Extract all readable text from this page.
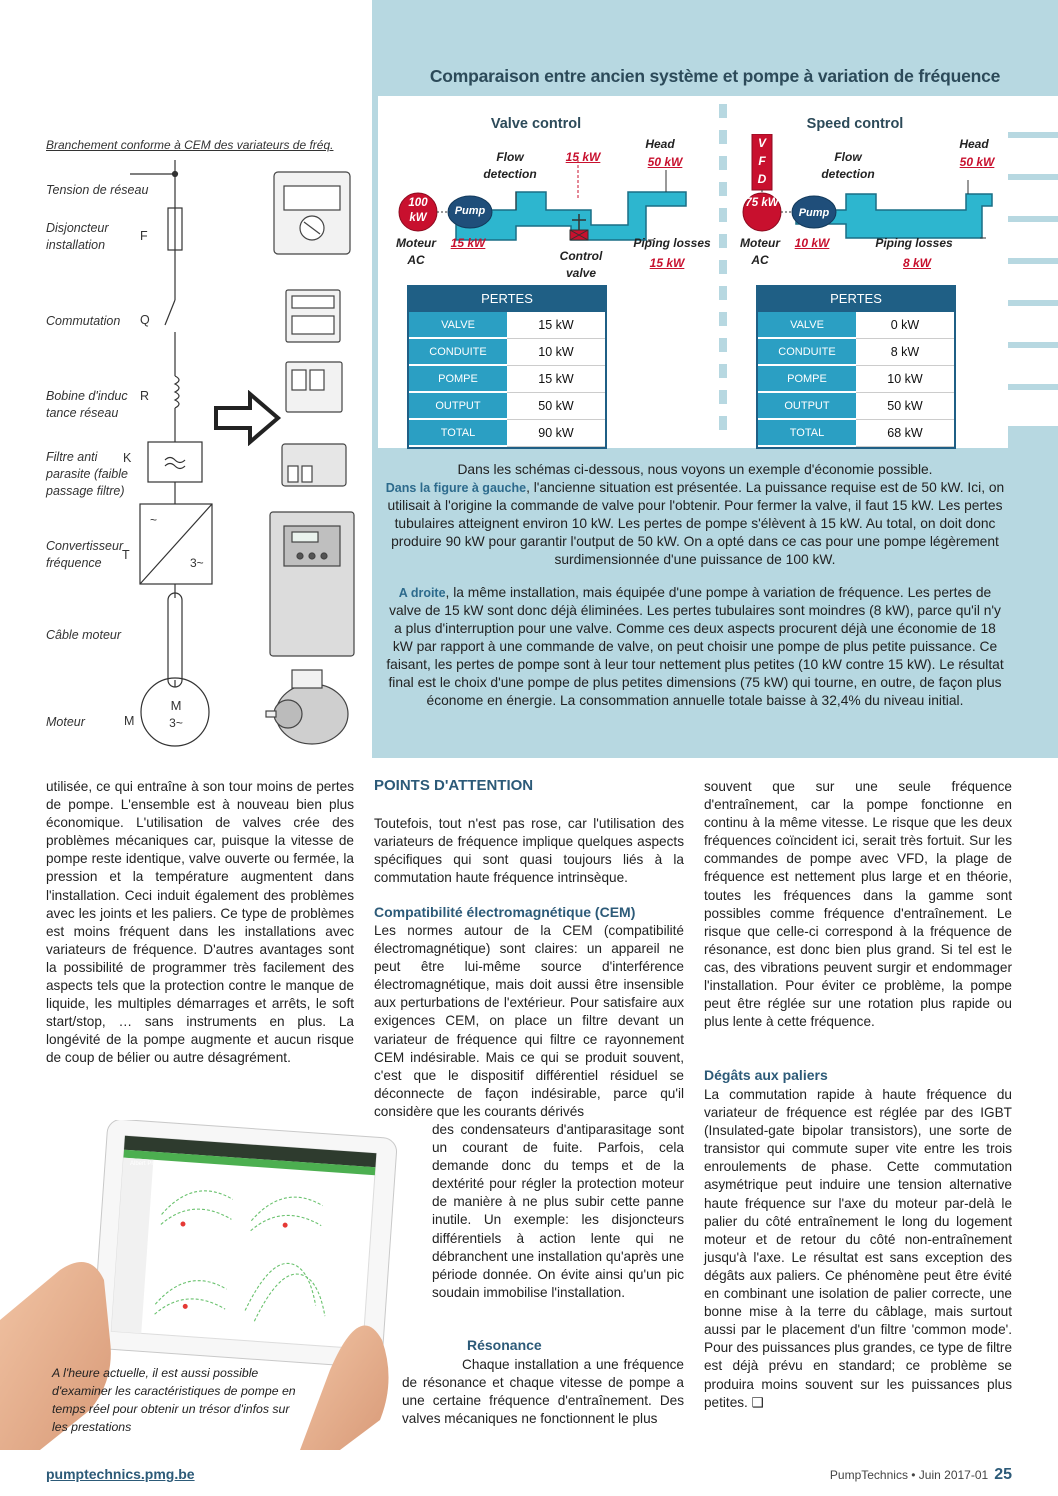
Comparaison entre ancien système et pompe à variation de fréquence
Valve control
Head
50 kW
Flow detection
15 kW
100 kW
Pump
Moteur AC
15 kW
Control valve
Piping losses
15 kW
Speed control
V
F
D
Head
50 kW
Flow detection
75 kW
Pump
Moteur AC
10 kW	Piping losses
8 kW
PERTES	
VALVE	15 kW
CONDUITE	10 kW
POMPE	15 kW
OUTPUT	50 kW
TOTAL	90 kW
PERTES	
VALVE	0 kW
CONDUITE	8 kW
POMPE	10 kW
OUTPUT	50 kW
TOTAL	68 kW

Dans les schémas ci-dessous, nous voyons un exemple d'économie possible.
Dans la figure à gauche, l'ancienne situation est présentée. La puissance requise est de 50 kW. Ici, on utilisait à l'origine la commande de valve pour l'obtenir. Pour fermer la valve, il faut 15 kW. Les pertes tubulaires atteignent environ 10 kW. Les pertes de pompe s'élèvent à 15 kW. Au total, on doit donc produire 90 kW pour garantir l'output de 50 kW. On a opté dans ce cas pour une pompe légèrement surdimensionnée d'une puissance de 100 kW.

A droite, la même installation, mais équipée d'une pompe à variation de fréquence. Les pertes de valve de 15 kW sont donc déjà éliminées. Les pertes tubulaires sont moindres (8 kW), parce qu'il n'y a plus d'interruption pour une valve. Comme ces deux aspects procurent déjà une économie de 18 kW par rapport à une commande de valve, on peut choisir une pompe de plus petite puissance. Ce faisant, les pertes de pompe sont à leur tour nettement plus petites (10 kW contre 15 kW). Le résultat final est le choix d'une pompe de plus petites dimensions (75 kW) qui tourne, en outre, de façon plus économe en énergie. La consommation annuelle totale baisse à 32,4% du niveau initial.

Branchement conforme à CEM des variateurs de fréq.
Tension de réseau
Disjoncteur installation
F
Commutation Q
Bobine d'induc tance réseau
R
Filtre anti parasite (faible passage filtre)
K
Convertisseur fréquence
T
Câble moteur
Moteur	M
~
3~
M
3~
utilisée, ce qui entraîne à son tour moins de pertes de pompe. L'ensemble est à nouveau bien plus économique. L'utilisation de valves crée des problèmes mécaniques car, puisque la vitesse de pompe reste identique, valve ouverte ou fermée, la pression et la température augmentent dans l'installation. Ceci induit également des problèmes avec les joints et les paliers. Ce type de problèmes est moins fréquent dans les installations avec variateurs de fréquence. D'autres avantages sont la possibilité de programmer très facilement des aspects tels que la protection contre le manque de liquide, les multiples démarrages et arrêts, le soft start/stop, … sans instruments en plus. La longévité de la pompe augmente et aucun risque de coup de bélier ou autre désagrément.
Albert Process
A l'heure actuelle, il est aussi possible d'examiner les caractéristiques de pompe en temps réel pour obtenir un trésor d'infos sur les prestations
POINTS D'ATTENTION
Toutefois, tout n'est pas rose, car l'utilisation des variateurs de fréquence implique quelques aspects spécifiques qui sont quasi toujours liés à la commutation haute fréquence intrinsèque.
Compatibilité électromagnétique (CEM)
Les normes autour de la CEM (compatibilité électromagnétique) sont claires: un appareil ne peut être lui-même source d'interférence électromagnétique, mais doit aussi être insensible aux perturbations de l'extérieur. Pour satisfaire aux exigences CEM, on place un filtre devant un variateur de fréquence qui filtre ce rayonnement CEM indésirable. Mais ce qui se produit souvent, c'est que le dispositif différentiel résiduel se déconnecte de façon indésirable, parce qu'il considère que les courants dérivés
des condensateurs d'antiparasitage sont un courant de fuite. Parfois, cela demande donc du temps et de la dextérité pour régler la protection moteur de manière à ne plus subir cette panne inutile. Un exemple: les disjoncteurs différentiels à action lente qui ne débranchent une installation qu'après une période donnée. On évite ainsi qu'un pic soudain immobilise l'installation.
Résonance
Chaque installation a une fréquence de résonance et chaque vitesse de pompe a une certaine fréquence d'entraînement. Des valves mécaniques ne fonctionnent le plus
souvent que sur une seule fréquence d'entraînement, car la pompe fonctionne en continu à la même vitesse. Le risque que les deux fréquences coïncident ici, serait très fortuit. Sur les commandes de pompe avec VFD, la plage de fréquence est nettement plus large et en théorie, toutes les fréquences dans la gamme sont possibles comme fréquence d'entraînement. Le risque que celle-ci correspond à la fréquence de résonance, est donc bien plus grand. Si tel est le cas, des vibrations peuvent surgir et endommager l'installation. Pour éviter ce problème, la pompe peut être réglée sur une rotation plus rapide ou plus lente à cette fréquence.
Dégâts aux paliers
La commutation rapide à haute fréquence du variateur de fréquence est réglée par des IGBT (Insulated-gate bipolar transistors), une sorte de transistor qui commute super vite entre les trois enroulements de phase. Cette commutation asymétrique peut induire une tension alternative haute fréquence sur l'axe du moteur par-delà le palier du côté entraînement le long du logement moteur et de retour du côté non-entraînement jusqu'à l'axe. Le résultat est sans exception des dégâts aux paliers. Ce phénomène peut être évité en combinant une isolation de palier correcte, une bonne mise à la terre du câblage, mais surtout aussi par le placement d'un filtre 'common mode'. Pour des puissances plus grandes, ce type de filtre est déjà prévu en standard; ce problème se produira moins souvent sur les puissances plus petites. ❑
pumptechnics.pmg.be	PumpTechnics • Juin 2017-01 25
